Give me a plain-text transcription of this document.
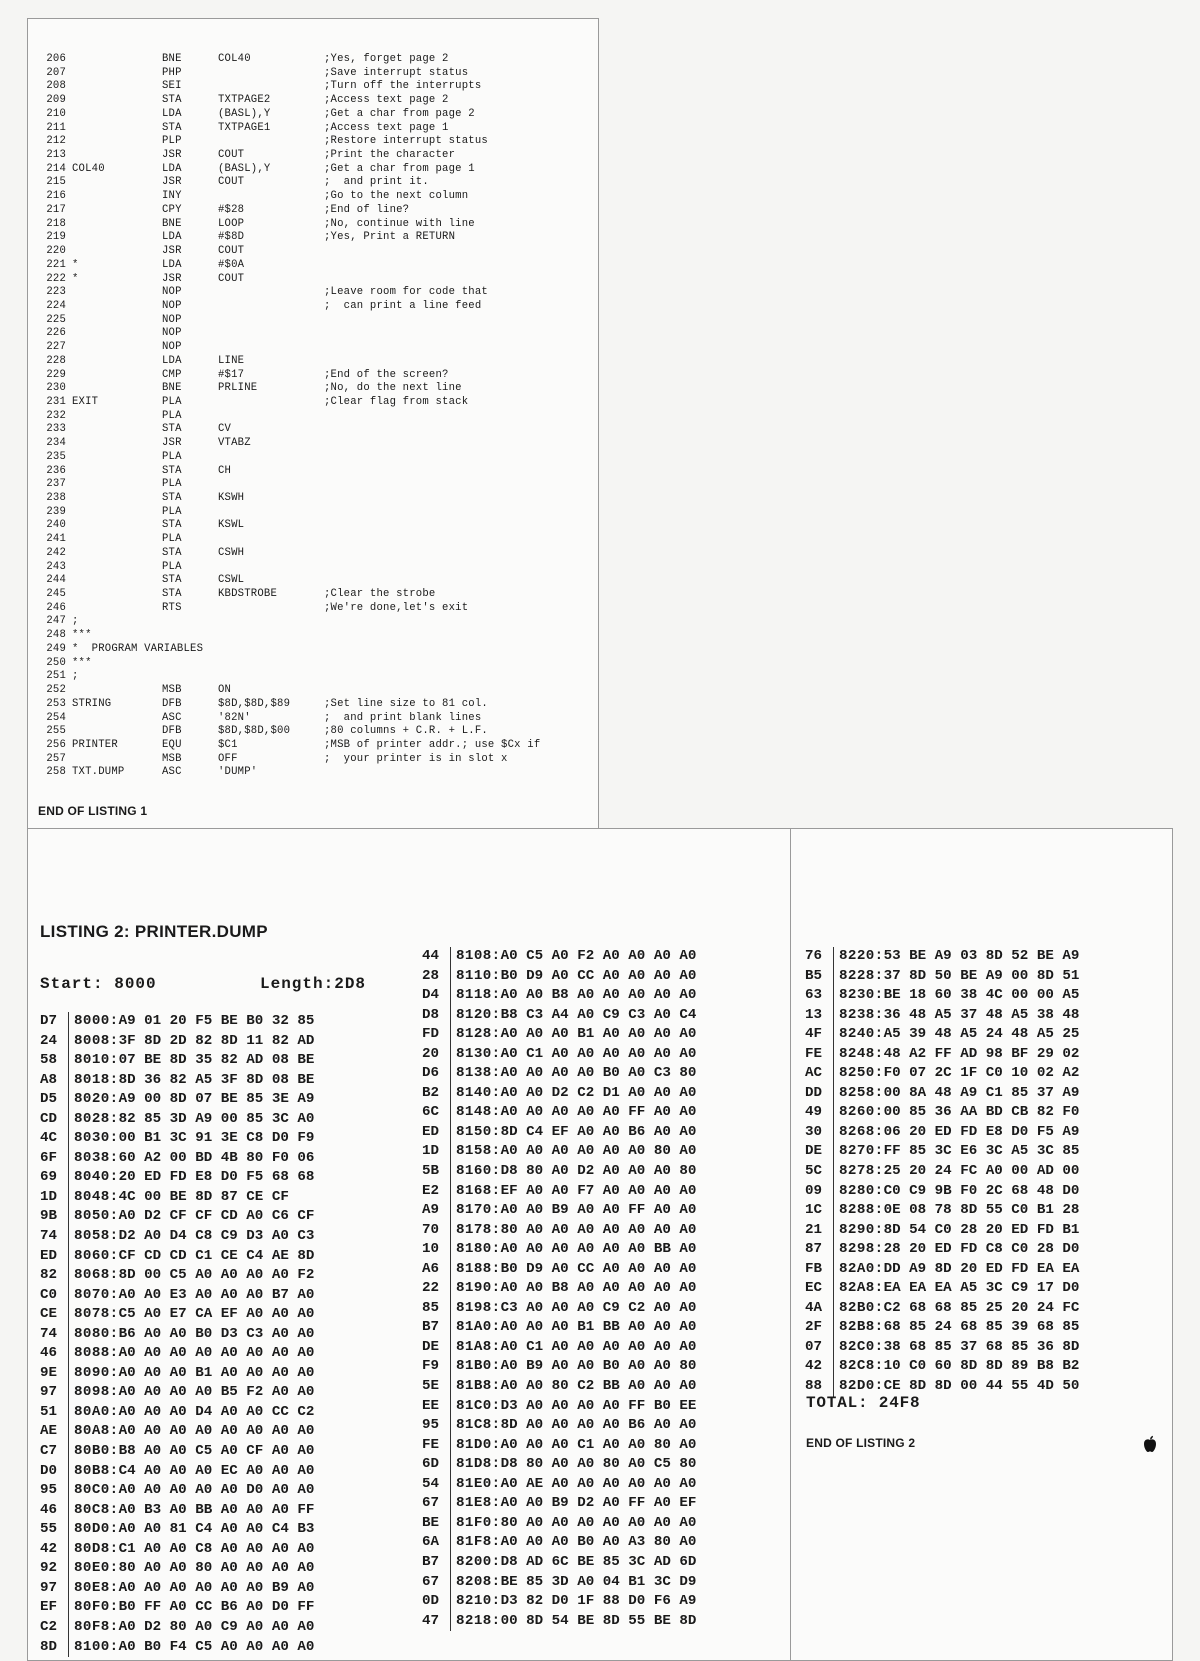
206	BNE	COL40	;Yes, forget page 2
207	PHP	;Save interrupt status
208	SEI	;Turn off the interrupts
209	STA	TXTPAGE2	;Access text page 2
210	LDA	(BASL),Y	;Get a char from page 2
211	STA	TXTPAGE1	;Access text page 1
212	PLP	;Restore interrupt status
213	JSR	COUT	;Print the character
214 COL40	LDA	(BASL),Y	;Get a char from page 1
215	JSR	COUT	;  and print it.
216	INY	;Go to the next column
217	CPY	#$28	;End of line?
218	BNE	LOOP	;No, continue with line
219	LDA	#$8D	;Yes, Print a RETURN
220	JSR	COUT
221 *	LDA	#$0A
222 *	JSR	COUT
223	NOP	;Leave room for code that
224	NOP	;  can print a line feed
225	NOP
226	NOP
227	NOP
228	LDA	LINE
229	CMP	#$17	;End of the screen?
230	BNE	PRLINE	;No, do the next line
231 EXIT	PLA	;Clear flag from stack
232	PLA
233	STA	CV
234	JSR	VTABZ
235	PLA
236	STA	CH
237	PLA
238	STA	KSWH
239	PLA
240	STA	KSWL
241	PLA
242	STA	CSWH
243	PLA
244	STA	CSWL
245	STA	KBDSTROBE	;Clear the strobe
246	RTS	;We're done,let's exit
247 ;
248 ***
249 *  PROGRAM VARIABLES
250 ***
251 ;
252	MSB	ON
253 STRING	DFB	$8D,$8D,$89	;Set line size to 81 col.
254	ASC	'82N'	;  and print blank lines
255	DFB	$8D,$8D,$00	;80 columns + C.R. + L.F.
256 PRINTER	EQU	$C1	;MSB of printer addr.; use $Cx if
257	MSB	OFF	;  your printer is in slot x
258 TXT.DUMP	ASC	'DUMP'
END OF LISTING 1
LISTING 2: PRINTER.DUMP
Start: 8000	Length:2D8
D7 8000:A9 01 20 F5 BE B0 32 85
24 8008:3F 8D 2D 82 8D 11 82 AD
58 8010:07 BE 8D 35 82 AD 08 BE
A8 8018:8D 36 82 A5 3F 8D 08 BE
D5 8020:A9 00 8D 07 BE 85 3E A9
CD 8028:82 85 3D A9 00 85 3C A0
4C 8030:00 B1 3C 91 3E C8 D0 F9
6F 8038:60 A2 00 BD 4B 80 F0 06
69 8040:20 ED FD E8 D0 F5 68 68
1D 8048:4C 00 BE 8D 87 CE CF
9B 8050:A0 D2 CF CF CD A0 C6 CF
74 8058:D2 A0 D4 C8 C9 D3 A0 C3
ED 8060:CF CD CD C1 CE C4 AE 8D
82 8068:8D 00 C5 A0 A0 A0 A0 F2
C0 8070:A0 A0 E3 A0 A0 A0 B7 A0
CE 8078:C5 A0 E7 CA EF A0 A0 A0
74 8080:B6 A0 A0 B0 D3 C3 A0 A0
46 8088:A0 A0 A0 A0 A0 A0 A0 A0
9E 8090:A0 A0 A0 B1 A0 A0 A0 A0
97 8098:A0 A0 A0 A0 B5 F2 A0 A0
51 80A0:A0 A0 A0 D4 A0 A0 CC C2
AE 80A8:A0 A0 A0 A0 A0 A0 A0 A0
C7 80B0:B8 A0 A0 C5 A0 CF A0 A0
D0 80B8:C4 A0 A0 A0 EC A0 A0 A0
95 80C0:A0 A0 A0 A0 A0 D0 A0 A0
46 80C8:A0 B3 A0 BB A0 A0 A0 FF
55 80D0:A0 A0 81 C4 A0 A0 C4 B3
42 80D8:C1 A0 A0 C8 A0 A0 A0 A0
92 80E0:80 A0 A0 80 A0 A0 A0 A0
97 80E8:A0 A0 A0 A0 A0 A0 B9 A0
EF 80F0:B0 FF A0 CC B6 A0 D0 FF
C2 80F8:A0 D2 80 A0 C9 A0 A0 A0
8D 8100:A0 B0 F4 C5 A0 A0 A0 A0
44 8108:A0 C5 A0 F2 A0 A0 A0 A0
28 8110:B0 D9 A0 CC A0 A0 A0 A0
D4 8118:A0 A0 B8 A0 A0 A0 A0 A0
D8 8120:B8 C3 A4 A0 C9 C3 A0 C4
FD 8128:A0 A0 A0 B1 A0 A0 A0 A0
20 8130:A0 C1 A0 A0 A0 A0 A0 A0
D6 8138:A0 A0 A0 A0 B0 A0 C3 80
B2 8140:A0 A0 D2 C2 D1 A0 A0 A0
6C 8148:A0 A0 A0 A0 A0 FF A0 A0
ED 8150:8D C4 EF A0 A0 B6 A0 A0
1D 8158:A0 A0 A0 A0 A0 A0 80 A0
5B 8160:D8 80 A0 D2 A0 A0 A0 80
E2 8168:EF A0 A0 F7 A0 A0 A0 A0
A9 8170:A0 A0 B9 A0 A0 FF A0 A0
70 8178:80 A0 A0 A0 A0 A0 A0 A0
10 8180:A0 A0 A0 A0 A0 A0 BB A0
A6 8188:B0 D9 A0 CC A0 A0 A0 A0
22 8190:A0 A0 B8 A0 A0 A0 A0 A0
85 8198:C3 A0 A0 A0 C9 C2 A0 A0
B7 81A0:A0 A0 A0 B1 BB A0 A0 A0
DE 81A8:A0 C1 A0 A0 A0 A0 A0 A0
F9 81B0:A0 B9 A0 A0 B0 A0 A0 80
5E 81B8:A0 A0 80 C2 BB A0 A0 A0
EE 81C0:D3 A0 A0 A0 A0 FF B0 EE
95 81C8:8D A0 A0 A0 A0 B6 A0 A0
FE 81D0:A0 A0 A0 C1 A0 A0 80 A0
6D 81D8:D8 80 A0 A0 80 A0 C5 80
54 81E0:A0 AE A0 A0 A0 A0 A0 A0
67 81E8:A0 A0 B9 D2 A0 FF A0 EF
BE 81F0:80 A0 A0 A0 A0 A0 A0 A0
6A 81F8:A0 A0 A0 B0 A0 A3 80 A0
B7 8200:D8 AD 6C BE 85 3C AD 6D
67 8208:BE 85 3D A0 04 B1 3C D9
0D 8210:D3 82 D0 1F 88 D0 F6 A9
47 8218:00 8D 54 BE 8D 55 BE 8D
76 8220:53 BE A9 03 8D 52 BE A9
B5 8228:37 8D 50 BE A9 00 8D 51
63 8230:BE 18 60 38 4C 00 00 A5
13 8238:36 48 A5 37 48 A5 38 48
4F 8240:A5 39 48 A5 24 48 A5 25
FE 8248:48 A2 FF AD 98 BF 29 02
AC 8250:F0 07 2C 1F C0 10 02 A2
DD 8258:00 8A 48 A9 C1 85 37 A9
49 8260:00 85 36 AA BD CB 82 F0
30 8268:06 20 ED FD E8 D0 F5 A9
DE 8270:FF 85 3C E6 3C A5 3C 85
5C 8278:25 20 24 FC A0 00 AD 00
09 8280:C0 C9 9B F0 2C 68 48 D0
1C 8288:0E 08 78 8D 55 C0 B1 28
21 8290:8D 54 C0 28 20 ED FD B1
87 8298:28 20 ED FD C8 C0 28 D0
FB 82A0:DD A9 8D 20 ED FD EA EA
EC 82A8:EA EA EA A5 3C C9 17 D0
4A 82B0:C2 68 68 85 25 20 24 FC
2F 82B8:68 85 24 68 85 39 68 85
07 82C0:38 68 85 37 68 85 36 8D
42 82C8:10 C0 60 8D 8D 89 B8 B2
88 82D0:CE 8D 8D 00 44 55 4D 50
TOTAL: 24F8
END OF LISTING 2
